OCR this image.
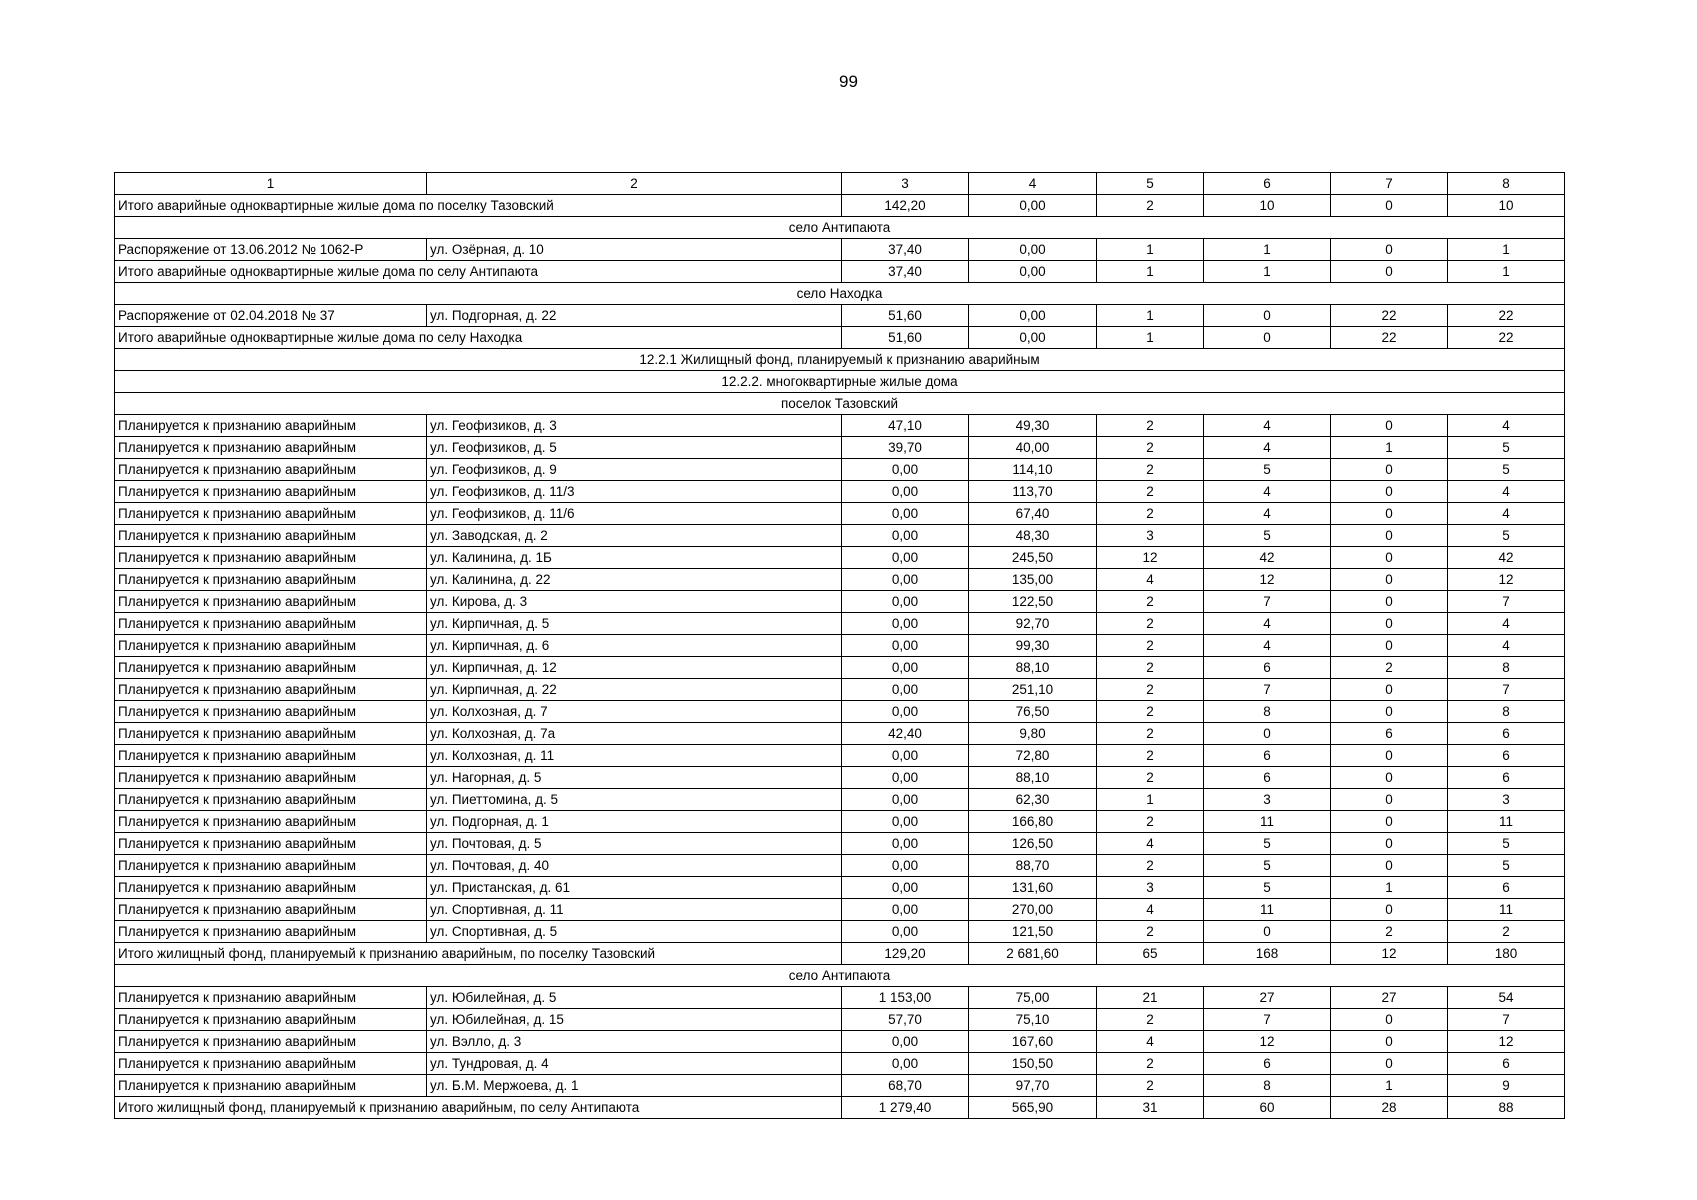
99
1	2	3	4	5	6	7	8
Итого аварийные одноквартирные жилые дома по поселку Тазовский		142,20	0,00	2	10	0	10
село Антипаюта							
Распоряжение от 13.06.2012 № 1062-Р	ул. Озёрная, д. 10	37,40	0,00	1	1	0	1
Итого аварийные одноквартирные жилые дома по селу Антипаюта		37,40	0,00	1	1	0	1
село Находка							
Распоряжение от 02.04.2018 № 37	ул. Подгорная, д. 22	51,60	0,00	1	0	22	22
Итого аварийные одноквартирные жилые дома по селу Находка		51,60	0,00	1	0	22	22
12.2.1 Жилищный фонд, планируемый к признанию аварийным							
12.2.2. многоквартирные жилые дома							
поселок Тазовский							
Планируется к признанию аварийным	ул. Геофизиков, д. 3	47,10	49,30	2	4	0	4
Планируется к признанию аварийным	ул. Геофизиков, д. 5	39,70	40,00	2	4	1	5
Планируется к признанию аварийным	ул. Геофизиков, д. 9	0,00	114,10	2	5	0	5
Планируется к признанию аварийным	ул. Геофизиков, д. 11/3	0,00	113,70	2	4	0	4
Планируется к признанию аварийным	ул. Геофизиков, д. 11/6	0,00	67,40	2	4	0	4
Планируется к признанию аварийным	ул. Заводская, д. 2	0,00	48,30	3	5	0	5
Планируется к признанию аварийным	ул. Калинина, д. 1Б	0,00	245,50	12	42	0	42
Планируется к признанию аварийным	ул. Калинина, д. 22	0,00	135,00	4	12	0	12
Планируется к признанию аварийным	ул. Кирова, д. 3	0,00	122,50	2	7	0	7
Планируется к признанию аварийным	ул. Кирпичная, д. 5	0,00	92,70	2	4	0	4
Планируется к признанию аварийным	ул. Кирпичная, д. 6	0,00	99,30	2	4	0	4
Планируется к признанию аварийным	ул. Кирпичная, д. 12	0,00	88,10	2	6	2	8
Планируется к признанию аварийным	ул. Кирпичная, д. 22	0,00	251,10	2	7	0	7
Планируется к признанию аварийным	ул. Колхозная, д. 7	0,00	76,50	2	8	0	8
Планируется к признанию аварийным	ул. Колхозная, д. 7а	42,40	9,80	2	0	6	6
Планируется к признанию аварийным	ул. Колхозная, д. 11	0,00	72,80	2	6	0	6
Планируется к признанию аварийным	ул. Нагорная, д. 5	0,00	88,10	2	6	0	6
Планируется к признанию аварийным	ул. Пиеттомина, д. 5	0,00	62,30	1	3	0	3
Планируется к признанию аварийным	ул. Подгорная, д. 1	0,00	166,80	2	11	0	11
Планируется к признанию аварийным	ул. Почтовая, д. 5	0,00	126,50	4	5	0	5
Планируется к признанию аварийным	ул. Почтовая, д. 40	0,00	88,70	2	5	0	5
Планируется к признанию аварийным	ул. Пристанская, д. 61	0,00	131,60	3	5	1	6
Планируется к признанию аварийным	ул. Спортивная, д. 11	0,00	270,00	4	11	0	11
Планируется к признанию аварийным	ул. Спортивная, д. 5	0,00	121,50	2	0	2	2
Итого жилищный фонд, планируемый к признанию аварийным, по поселку Тазовский		129,20	2 681,60	65	168	12	180
село Антипаюта							
Планируется к признанию аварийным	ул. Юбилейная, д. 5	1 153,00	75,00	21	27	27	54
Планируется к признанию аварийным	ул. Юбилейная, д. 15	57,70	75,10	2	7	0	7
Планируется к признанию аварийным	ул. Вэлло, д. 3	0,00	167,60	4	12	0	12
Планируется к признанию аварийным	ул. Тундровая, д. 4	0,00	150,50	2	6	0	6
Планируется к признанию аварийным	ул. Б.М. Мержоева, д. 1	68,70	97,70	2	8	1	9
Итого жилищный фонд, планируемый к признанию аварийным, по селу Антипаюта		1 279,40	565,90	31	60	28	88
